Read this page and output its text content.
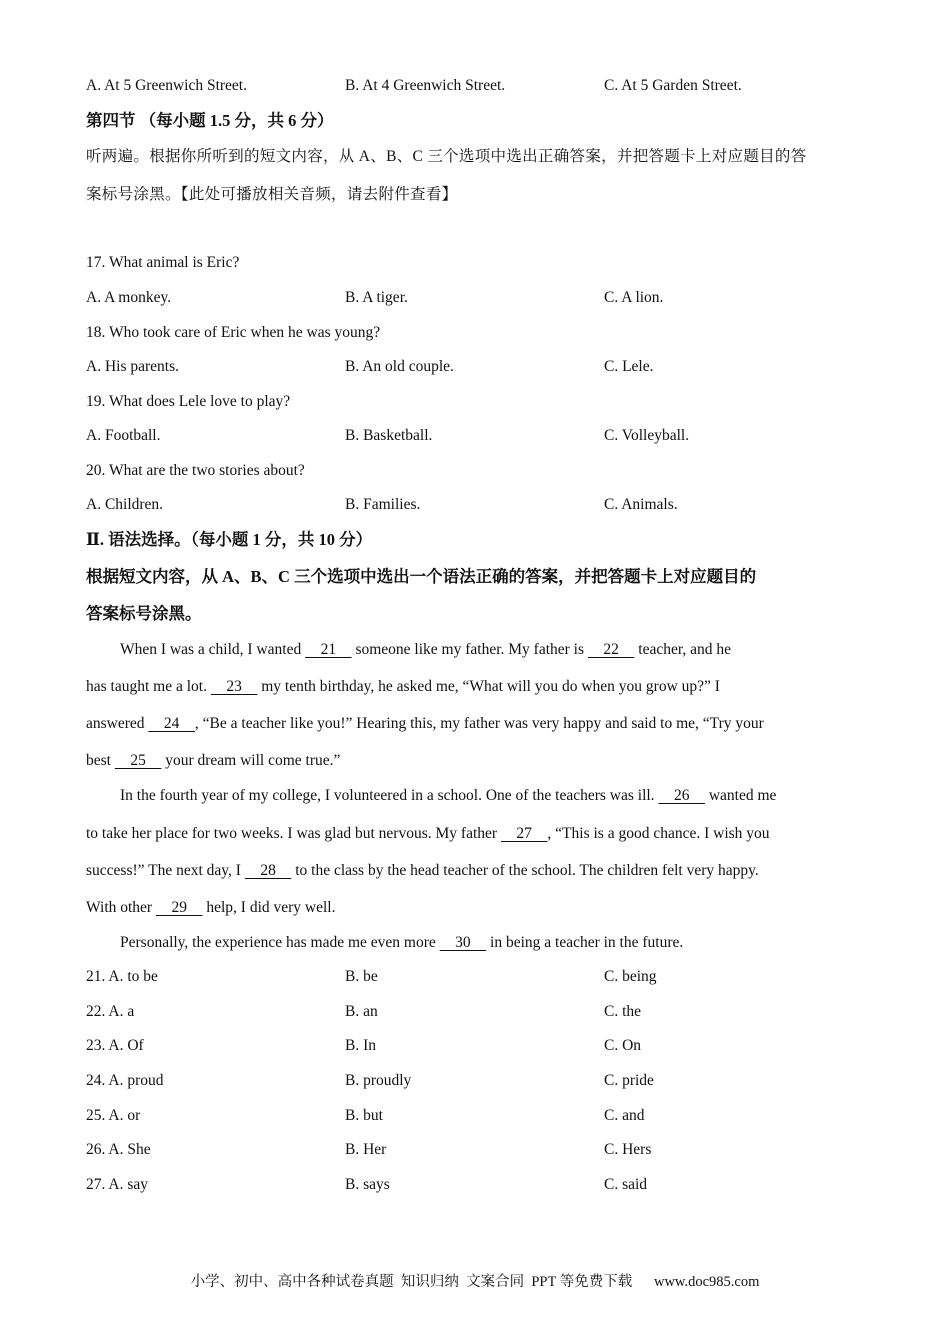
A. At 5 Greenwich Street.	B. At 4 Greenwich Street.	C. At 5 Garden Street.
第四节 （每小题 1.5 分，共 6 分）
听两遍。根据你所听到的短文内容，从 A、B、C 三个选项中选出正确答案，并把答题卡上对应题目的答
案标号涂黑。【此处可播放相关音频，请去附件查看】
17. What animal is Eric?
A. A monkey.	B. A tiger.	C. A lion.
18. Who took care of Eric when he was young?
A. His parents.	B. An old couple.	C. Lele.
19. What does Lele love to play?
A. Football.	B. Basketball.	C. Volleyball.
20. What are the two stories about?
A. Children.	B. Families.	C. Animals.
Ⅱ. 语法选择。（每小题 1 分，共 10 分）
根据短文内容，从 A、B、C 三个选项中选出一个语法正确的答案，并把答题卡上对应题目的
答案标号涂黑。
When I was a child, I wanted     21     someone like my father. My father is     22     teacher, and he
has taught me a lot.     23     my tenth birthday, he asked me, “What will you do when you grow up?” I
answered     24    , “Be a teacher like you!” Hearing this, my father was very happy and said to me, “Try your
best     25     your dream will come true.”
In the fourth year of my college, I volunteered in a school. One of the teachers was ill.     26     wanted me
to take her place for two weeks. I was glad but nervous. My father     27    , “This is a good chance. I wish you
success!” The next day, I     28     to the class by the head teacher of the school. The children felt very happy.
With other     29     help, I did very well.
Personally, the experience has made me even more     30     in being a teacher in the future.
21. A. to be	B. be	C. being
22. A. a	B. an	C. the
23. A. Of	B. In	C. On
24. A. proud	B. proudly	C. pride
25. A. or	B. but	C. and
26. A. She	B. Her	C. Hers
27. A. say	B. says	C. said
小学、初中、高中各种试卷真题  知识归纳  文案合同  PPT 等免费下载      www.doc985.com
